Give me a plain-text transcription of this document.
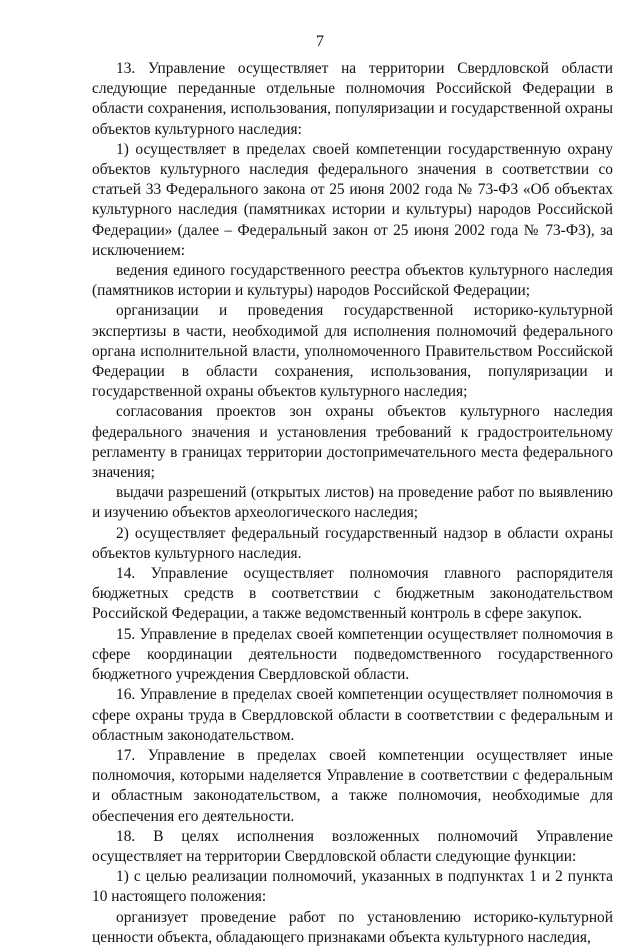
7

13. Управление осуществляет на территории Свердловской области следующие переданные отдельные полномочия Российской Федерации в области сохранения, использования, популяризации и государственной охраны объектов культурного наследия:

1) осуществляет в пределах своей компетенции государственную охрану объектов культурного наследия федерального значения в соответствии со статьей 33 Федерального закона от 25 июня 2002 года № 73-ФЗ «Об объектах культурного наследия (памятниках истории и культуры) народов Российской Федерации» (далее – Федеральный закон от 25 июня 2002 года № 73-ФЗ), за исключением:

ведения единого государственного реестра объектов культурного наследия (памятников истории и культуры) народов Российской Федерации;

организации и проведения государственной историко-культурной экспертизы в части, необходимой для исполнения полномочий федерального органа исполнительной власти, уполномоченного Правительством Российской Федерации в области сохранения, использования, популяризации и государственной охраны объектов культурного наследия;

согласования проектов зон охраны объектов культурного наследия федерального значения и установления требований к градостроительному регламенту в границах территории достопримечательного места федерального значения;

выдачи разрешений (открытых листов) на проведение работ по выявлению и изучению объектов археологического наследия;

2) осуществляет федеральный государственный надзор в области охраны объектов культурного наследия.

14. Управление осуществляет полномочия главного распорядителя бюджетных средств в соответствии с бюджетным законодательством Российской Федерации, а также ведомственный контроль в сфере закупок.

15. Управление в пределах своей компетенции осуществляет полномочия в сфере координации деятельности подведомственного государственного бюджетного учреждения Свердловской области.

16. Управление в пределах своей компетенции осуществляет полномочия в сфере охраны труда в Свердловской области в соответствии с федеральным и областным законодательством.

17. Управление в пределах своей компетенции осуществляет иные полномочия, которыми наделяется Управление в соответствии с федеральным и областным законодательством, а также полномочия, необходимые для обеспечения его деятельности.

18. В целях исполнения возложенных полномочий Управление осуществляет на территории Свердловской области следующие функции:

1) с целью реализации полномочий, указанных в подпунктах 1 и 2 пункта 10 настоящего положения:

организует проведение работ по установлению историко-культурной ценности объекта, обладающего признаками объекта культурного наследия,
